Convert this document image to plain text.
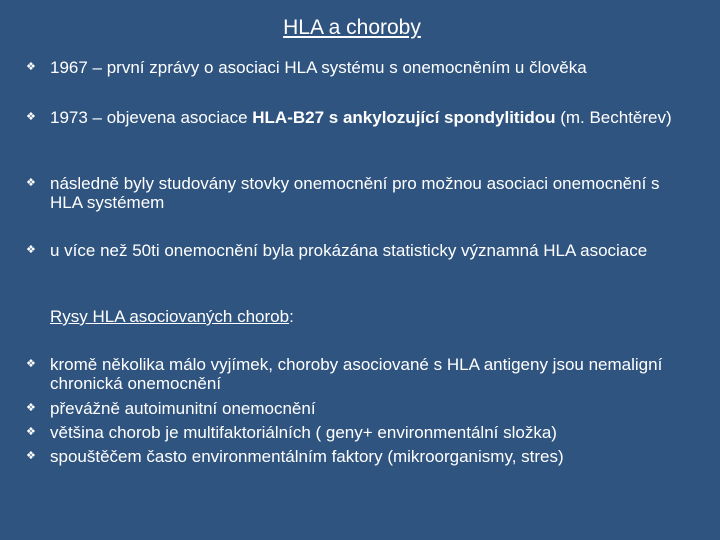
HLA a choroby
❖ 1967 – první zprávy o asociaci HLA systému s onemocněním u člověka
❖ 1973 – objevena asociace HLA-B27 s ankylozující spondylitidou (m. Bechtěrev)
❖ následně byly studovány stovky onemocnění pro možnou asociaci onemocnění s HLA systémem
❖ u více než 50ti onemocnění byla prokázána statisticky významná HLA asociace
Rysy HLA asociovaných chorob:
❖ kromě několika málo vyjímek, choroby asociované s HLA antigeny jsou nemaligní chronická onemocnění
❖ převážně autoimunitní onemocnění
❖ většina chorob je multifaktoriálních ( geny+ environmentální složka)
❖ spouštěčem často environmentálním faktory (mikroorganismy, stres)
